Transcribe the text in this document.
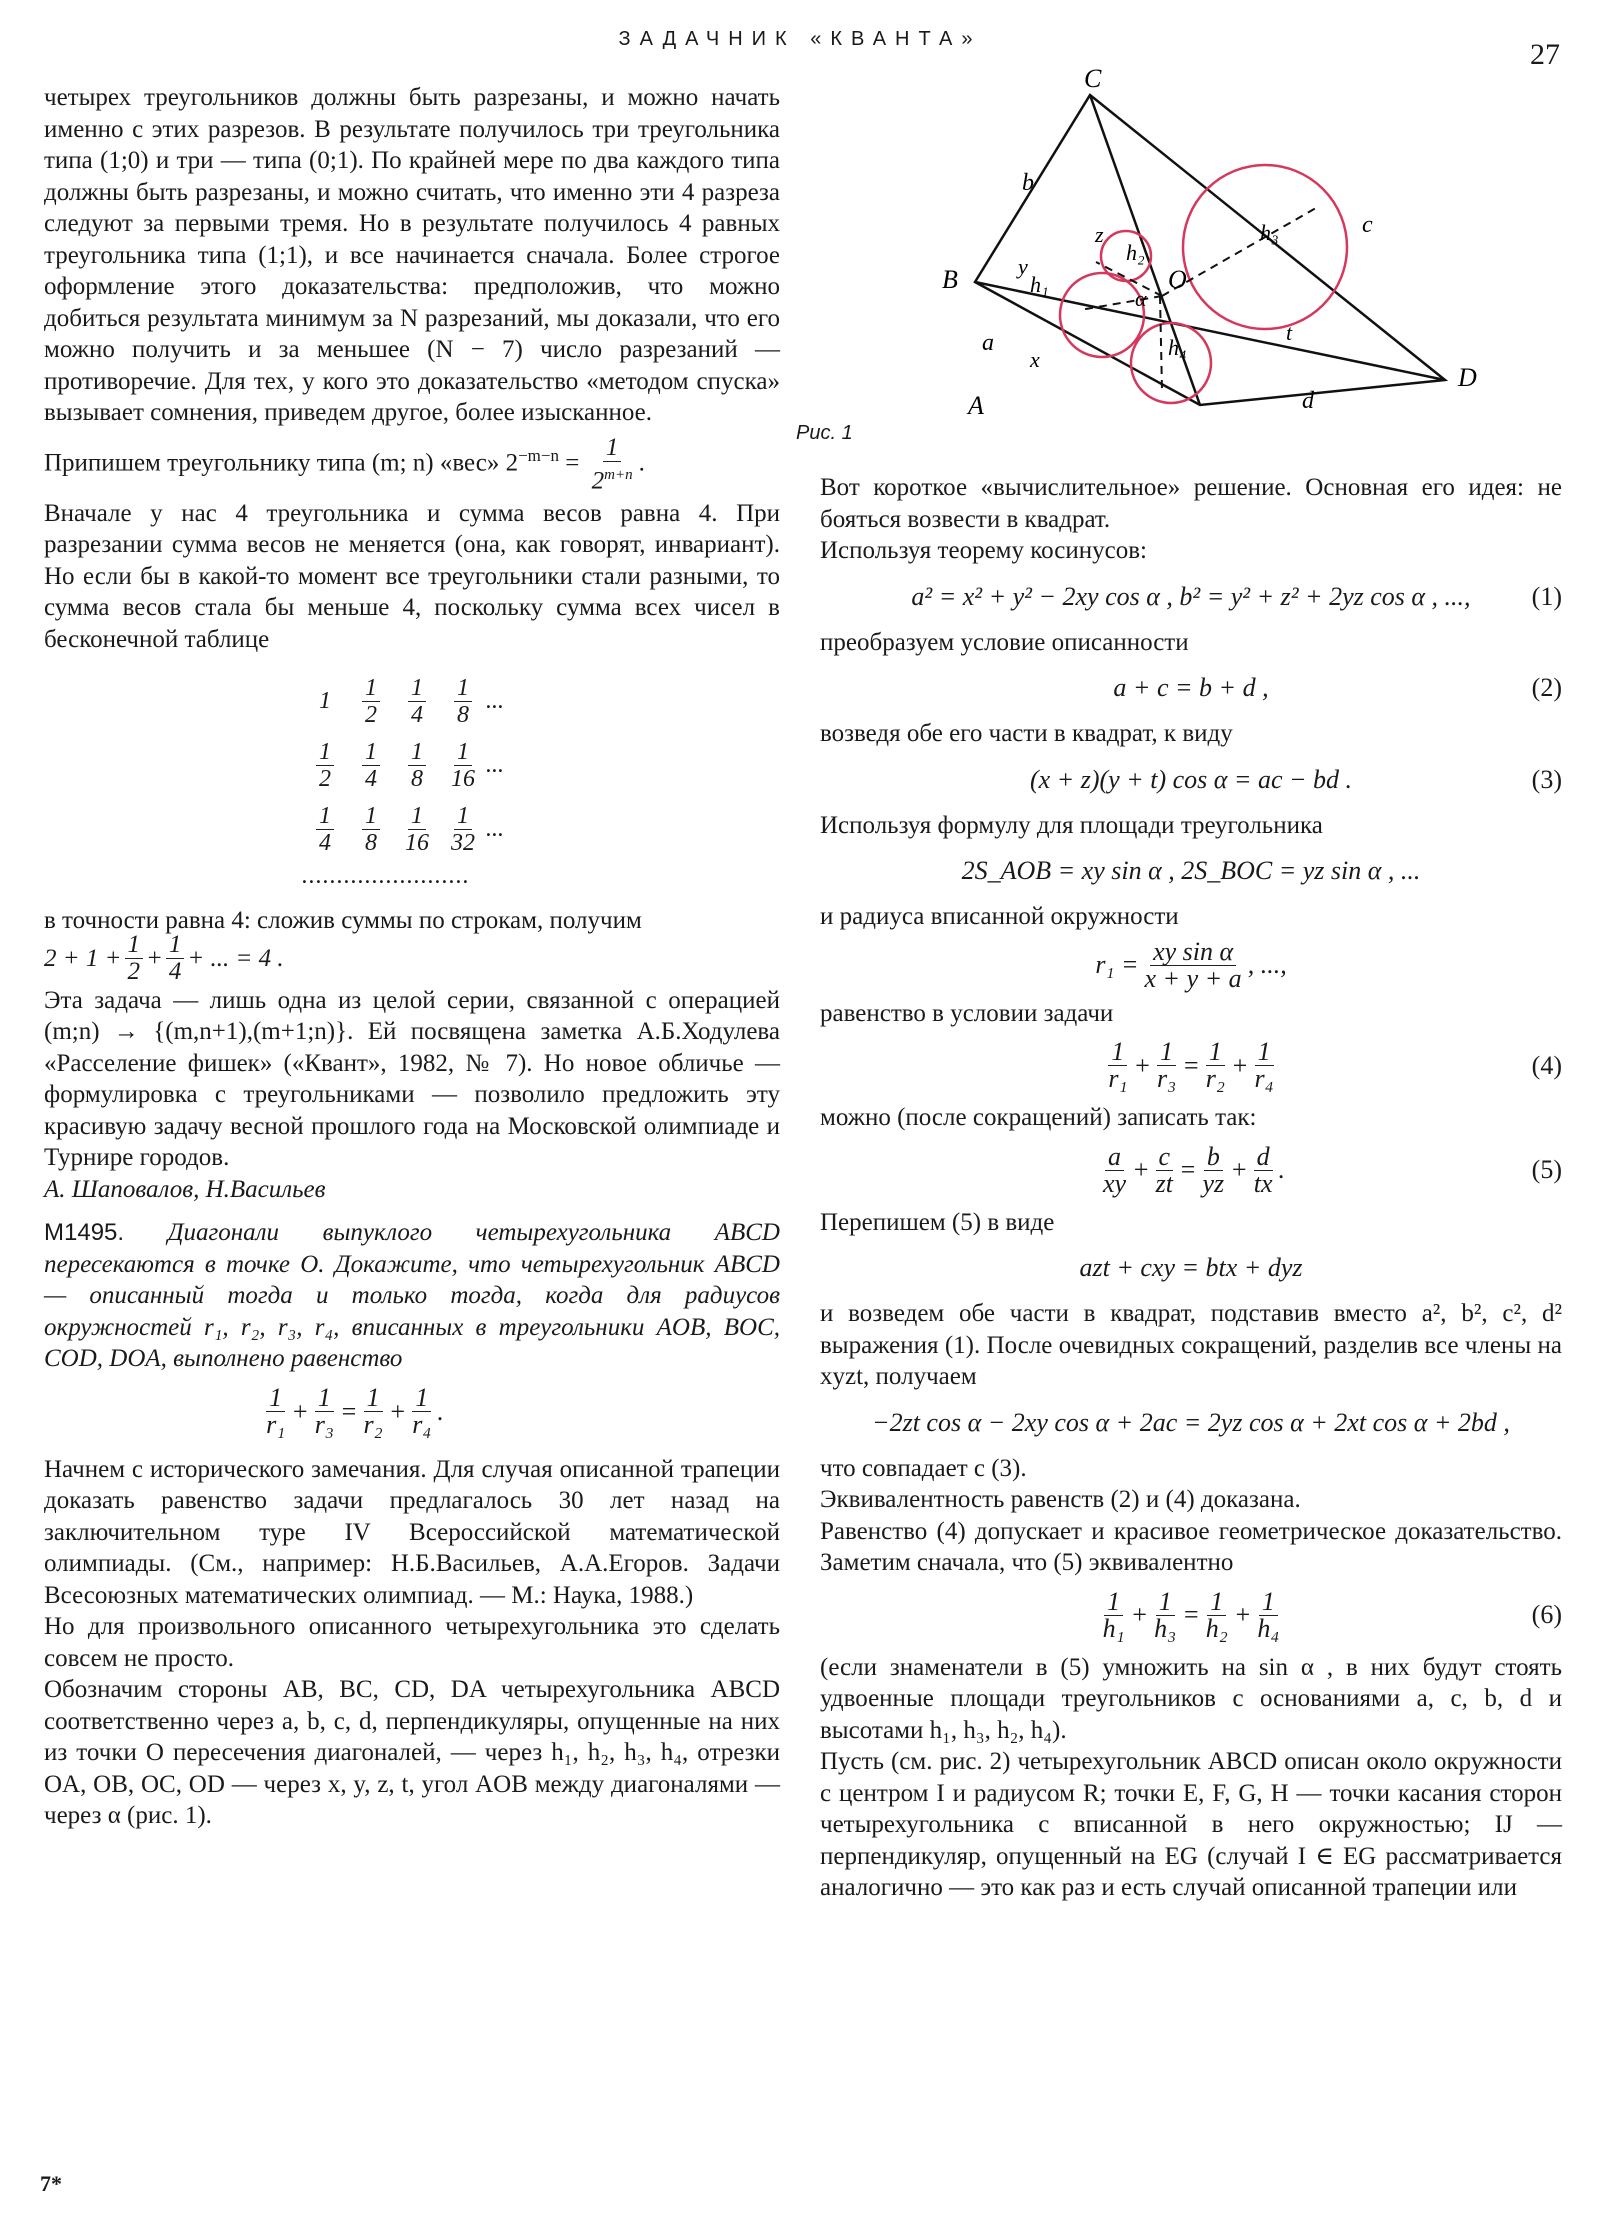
ЗАДАЧНИК «КВАНТА»	27
7*

четырех треугольников должны быть разрезаны, и можно начать именно с этих разрезов. В результате получилось три треугольника типа (1;0) и три — типа (0;1). По крайней мере по два каждого типа должны быть разрезаны, и можно считать, что именно эти 4 разреза следуют за первыми тремя. Но в результате получилось 4 равных треугольника типа (1;1), и все начинается сначала. Более строгое оформление этого доказательства: предположив, что можно добиться результата минимум за N разрезаний, мы доказали, что его можно получить и за меньшее (N − 7) число разрезаний — противоречие. Для тех, у кого это доказательство «методом спуска» вызывает сомнения, приведем другое, более изысканное.

Припишем треугольнику типа (m; n) «вес» $2^{-m-n} = \frac{1}{2^{m+n}}$ .

Вначале у нас 4 треугольника и сумма весов равна 4. При разрезании сумма весов не меняется (она, как говорят, инвариант). Но если бы в какой-то момент все треугольники стали разными, то сумма весов стала бы меньше 4, поскольку сумма всех чисел в бесконечной таблице

1	$\frac{1}{2} \frac{1}{4} \frac{1}{8}$ ...
$\frac{1}{2} \frac{1}{4} \frac{1}{8} \frac{1}{16}$ ...
$\frac{1}{4} \frac{1}{8} \frac{1}{16} \frac{1}{32}$ ...
........................

в точности равна 4: сложив суммы по строкам, получим

$2 + 1 + \frac{1}{2} + \frac{1}{4}$ + ... = 4 .

Эта задача — лишь одна из целой серии, связанной с операцией (m;n) → {(m,n+1),(m+1;n)}. Ей посвящена заметка А.Б.Ходулева «Расселение фишек» («Квант», 1982, № 7). Но новое обличье — формулировка с треугольниками — позволило предложить эту красивую задачу весной прошлого года на Московской олимпиаде и Турнире городов.

А. Шаповалов, Н.Васильев

М1495. Диагонали выпуклого четырехугольника ABCD пересекаются в точке O. Докажите, что четырехугольник ABCD — описанный тогда и только тогда, когда для радиусов окружностей r₁, r₂, r₃, r₄, вписанных в треугольники AOB, BOC, COD, DOA, выполнено равенство

$\frac{1}{\text{r₁}} + \frac{1}{\text{r₃}} = \frac{1}{\text{r₂}} + \frac{1}{\text{r₄}}$ .

Начнем с исторического замечания. Для случая описанной трапеции доказать равенство задачи предлагалось 30 лет назад на заключительном туре IV Всероссийской математической олимпиады. (См., например: Н.Б.Васильев, А.А.Егоров. Задачи Всесоюзных математических олимпиад. — М.: Наука, 1988.)

Но для произвольного описанного четырехугольника это сделать совсем не просто.

Обозначим стороны AB, BC, CD, DA четырехугольника ABCD соответственно через a, b, c, d, перпендикуляры, опущенные на них из точки O пересечения диагоналей, — через h₁, h₂, h₃, h₄, отрезки OA, OB, OC, OD — через x, y, z, t, угол AOB между диагоналями — через α (рис. 1).

C
B
A
D
O
b
c
d
a
z
t
y
x
α
h₁
h₂
h₃
h₄
Рис. 1

Вот короткое «вычислительное» решение. Основная его идея: не бояться возвести в квадрат.

Используя теорему косинусов:

a² = x² + y² − 2xy cos α , b² = y² + z² + 2yz cos α , ..., (1)

преобразуем условие описанности

a + c = b + d ,	(2)

возведя обе его части в квадрат, к виду

(x + z)(y + t) cos α = ac − bd .	(3)

Используя формулу для площади треугольника

2S_AOB = xy sin α , 2S_BOC = yz sin α , ...

и радиуса вписанной окружности

$r_1 = \frac{\text{xy sin α}}{x + y + a}$ , ...,

равенство в условии задачи

$\frac{1}{\text{r₁}} + \frac{1}{\text{r₃}} = \frac{1}{\text{r₂}} + \frac{1}{\text{r₄}}$	(4)

можно (после сокращений) записать так:

$\frac{a}{xy} + \frac{c}{zt} = \frac{b}{yz} + \frac{d}{tx}$ .	(5)

Перепишем (5) в виде

azt + cxy = btx + dyz

и возведем обе части в квадрат, подставив вместо a², b², c², d² выражения (1). После очевидных сокращений, разделив все члены на xyzt, получаем

−2zt cos α − 2xy cos α + 2ac = 2yz cos α + 2xt cos α + 2bd ,

что совпадает с (3).

Эквивалентность равенств (2) и (4) доказана.

Равенство (4) допускает и красивое геометрическое доказательство. Заметим сначала, что (5) эквивалентно

$\frac{1}{\text{h₁}} + \frac{1}{\text{h₃}} = \frac{1}{\text{h₂}} + \frac{1}{\text{h₄}}$	(6)

(если знаменатели в (5) умножить на sin α , в них будут стоять удвоенные площади треугольников с основаниями a, c, b, d и высотами h₁, h₃, h₂, h₄).

Пусть (см. рис. 2) четырехугольник ABCD описан около окружности с центром I и радиусом R; точки E, F, G, H — точки касания сторон четырехугольника с вписанной в него окружностью; IJ — перпендикуляр, опущенный на EG (случай I ∈ EG рассматривается аналогично — это как раз и есть случай описанной трапеции или
